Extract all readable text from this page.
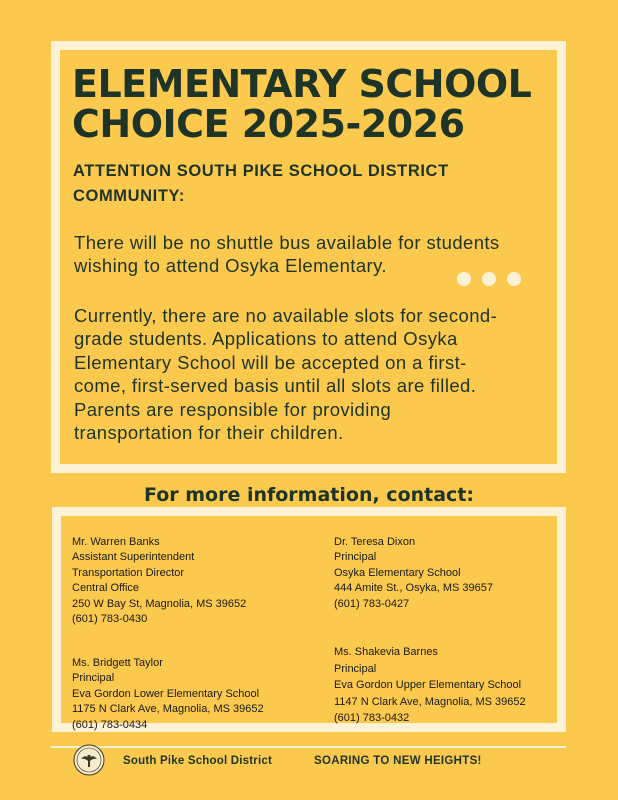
ELEMENTARY SCHOOL
CHOICE 2025-2026

ATTENTION SOUTH PIKE SCHOOL DISTRICT
COMMUNITY:

There will be no shuttle bus available for students
wishing to attend Osyka Elementary.

Currently, there are no available slots for second-
grade students. Applications to attend Osyka
Elementary School will be accepted on a first-
come, first-served basis until all slots are filled.
Parents are responsible for providing
transportation for their children.

For more information, contact:
Mr. Warren Banks
Assistant Superintendent
Transportation Director
Central Office
250 W Bay St, Magnolia, MS 39652
(601) 783-0430
Dr. Teresa Dixon
Principal
Osyka Elementary School
444 Amite St., Osyka, MS 39657
(601) 783-0427
Ms. Bridgett Taylor
Principal
Eva Gordon Lower Elementary School
1175 N Clark Ave, Magnolia, MS 39652
(601) 783-0434
Ms. Shakevia Barnes
Principal
Eva Gordon Upper Elementary School
1147 N Clark Ave, Magnolia, MS 39652
(601) 783-0432
South Pike School District	SOARING TO NEW HEIGHTS!
